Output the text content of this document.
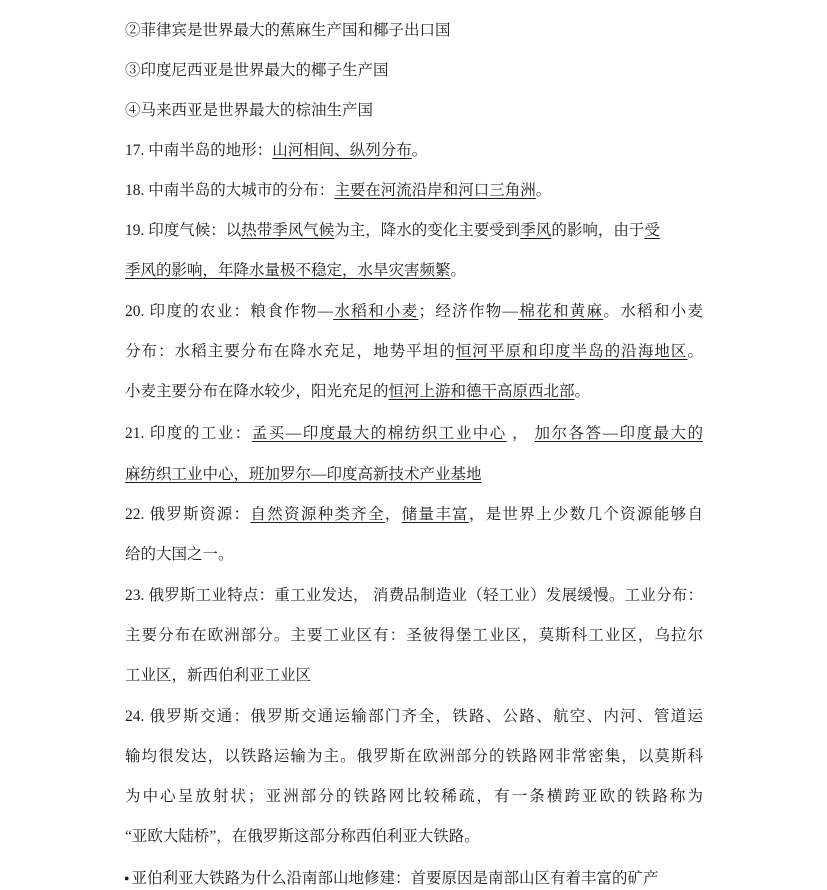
②菲律宾是世界最大的蕉麻生产国和椰子出口国
③印度尼西亚是世界最大的椰子生产国
④马来西亚是世界最大的棕油生产国
17. 中南半岛的地形：山河相间、纵列分布。
18. 中南半岛的大城市的分布：主要在河流沿岸和河口三角洲。
19. 印度气候：以热带季风气候为主，降水的变化主要受到季风的影响，由于受
季风的影响，年降水量极不稳定，水旱灾害频繁。
20. 印度的农业：粮食作物—水稻和小麦；经济作物—棉花和黄麻。水稻和小麦
分布：水稻主要分布在降水充足，地势平坦的恒河平原和印度半岛的沿海地区。
小麦主要分布在降水较少，阳光充足的恒河上游和德干高原西北部。
21. 印度的工业：孟买—印度最大的棉纺织工业中心 ， 加尔各答—印度最大的
麻纺织工业中心，班加罗尔—印度高新技术产业基地
22. 俄罗斯资源：自然资源种类齐全，储量丰富，是世界上少数几个资源能够自
给的大国之一。
23. 俄罗斯工业特点：重工业发达， 消费品制造业（轻工业）发展缓慢。工业分布：
主要分布在欧洲部分。主要工业区有：圣彼得堡工业区，莫斯科工业区，乌拉尔
工业区，新西伯利亚工业区
24. 俄罗斯交通：俄罗斯交通运输部门齐全，铁路、公路、航空、内河、管道运
输均很发达，以铁路运输为主。俄罗斯在欧洲部分的铁路网非常密集，以莫斯科
为中心呈放射状；亚洲部分的铁路网比较稀疏，有一条横跨亚欧的铁路称为
“亚欧大陆桥”，在俄罗斯这部分称西伯利亚大铁路。
● 亚伯利亚大铁路为什么沿南部山地修建：首要原因是南部山区有着丰富的矿产
